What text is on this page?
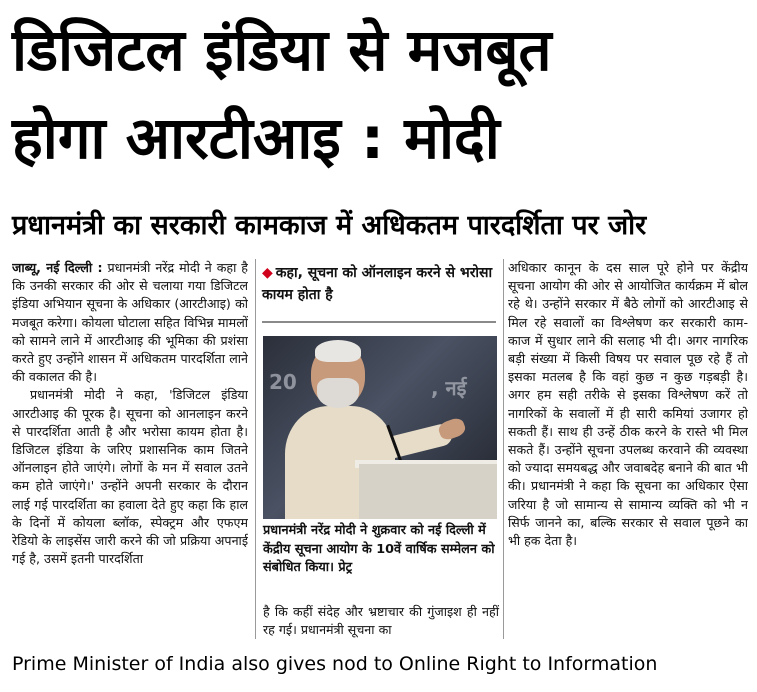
डिजिटल इंडिया से मजबूत
होगा आरटीआइ : मोदी
प्रधानमंत्री का सरकारी कामकाज में अधिकतम पारदर्शिता पर जोर

जाब्यू, नई दिल्ली : प्रधानमंत्री नरेंद्र मोदी ने कहा है कि उनकी सरकार की ओर से चलाया गया डिजिटल इंडिया अभियान सूचना के अधिकार (आरटीआइ) को मजबूत करेगा। कोयला घोटाला सहित विभिन्न मामलों को सामने लाने में आरटीआइ की भूमिका की प्रशंसा करते हुए उन्होंने शासन में अधिकतम पारदर्शिता लाने की वकालत की है।

प्रधानमंत्री मोदी ने कहा, 'डिजिटल इंडिया आरटीआइ की पूरक है। सूचना को आनलाइन करने से पारदर्शिता आती है और भरोसा कायम होता है। डिजिटल इंडिया के जरिए प्रशासनिक काम जितने ऑनलाइन होते जाएंगे। लोगों के मन में सवाल उतने कम होते जाएंगे।' उन्होंने अपनी सरकार के दौरान लाई गई पारदर्शिता का हवाला देते हुए कहा कि हाल के दिनों में कोयला ब्लॉक, स्पेक्ट्रम और एफएम रेडियो के लाइसेंस जारी करने की जो प्रक्रिया अपनाई गई है, उसमें इतनी पारदर्शिता

◆ कहा, सूचना को ऑनलाइन करने से भरोसा कायम होता है
20	, नई
प्रधानमंत्री नरेंद्र मोदी ने शुक्रवार को नई दिल्ली में केंद्रीय सूचना आयोग के 10वें वार्षिक सम्मेलन को संबोधित किया। प्रेट्र
है कि कहीं संदेह और भ्रष्टाचार की गुंजाइश ही नहीं रह गई। प्रधानमंत्री सूचना का

अधिकार कानून के दस साल पूरे होने पर केंद्रीय सूचना आयोग की ओर से आयोजित कार्यक्रम में बोल रहे थे। उन्होंने सरकार में बैठे लोगों को आरटीआइ से मिल रहे सवालों का विश्लेषण कर सरकारी काम-काज में सुधार लाने की सलाह भी दी। अगर नागरिक बड़ी संख्या में किसी विषय पर सवाल पूछ रहे हैं तो इसका मतलब है कि वहां कुछ न कुछ गड़बड़ी है। अगर हम सही तरीके से इसका विश्लेषण करें तो नागरिकों के सवालों में ही सारी कमियां उजागर हो सकती हैं। साथ ही उन्हें ठीक करने के रास्ते भी मिल सकते हैं। उन्होंने सूचना उपलब्ध करवाने की व्यवस्था को ज्यादा समयबद्ध और जवाबदेह बनाने की बात भी की। प्रधानमंत्री ने कहा कि सूचना का अधिकार ऐसा जरिया है जो सामान्य से सामान्य व्यक्ति को भी न सिर्फ जानने का, बल्कि सरकार से सवाल पूछने का भी हक देता है।

Prime Minister of India also gives nod to Online Right to Information
